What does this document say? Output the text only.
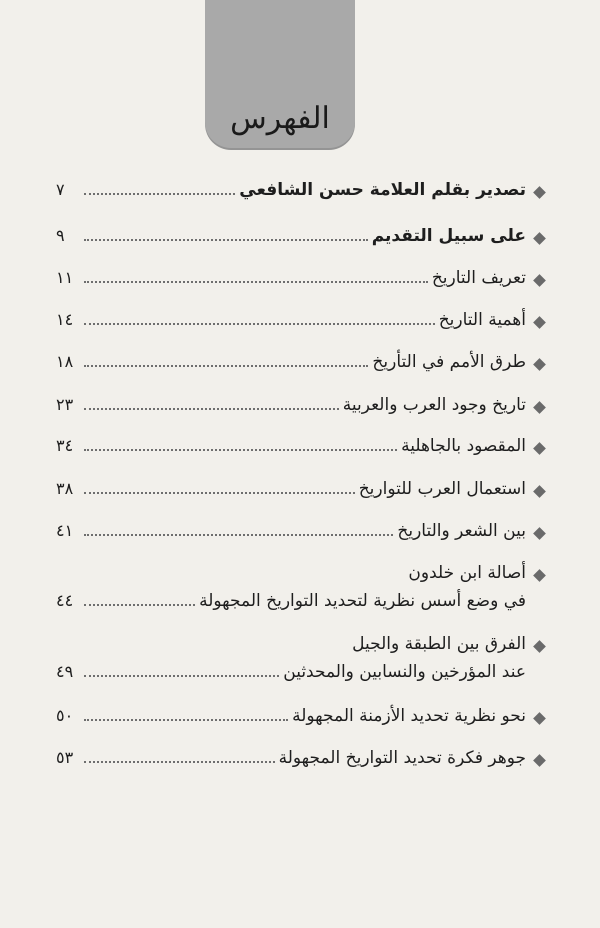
الفهرس
تصدير بقلم العلامة حسن الشافعي
٧
على سبيل التقديم
٩
تعريف التاريخ
١١
أهمية التاريخ
١٤
طرق الأمم في التأريخ
١٨
تاريخ وجود العرب والعربية
٢٣
المقصود بالجاهلية
٣٤
استعمال العرب للتواريخ
٣٨
بين الشعر والتاريخ
٤١
أصالة ابن خلدون
في وضع أسس نظرية لتحديد التواريخ المجهولة
٤٤
الفرق بين الطبقة والجيل
عند المؤرخين والنسابين والمحدثين
٤٩
نحو نظرية تحديد الأزمنة المجهولة
٥٠
جوهر فكرة تحديد التواريخ المجهولة
٥٣
